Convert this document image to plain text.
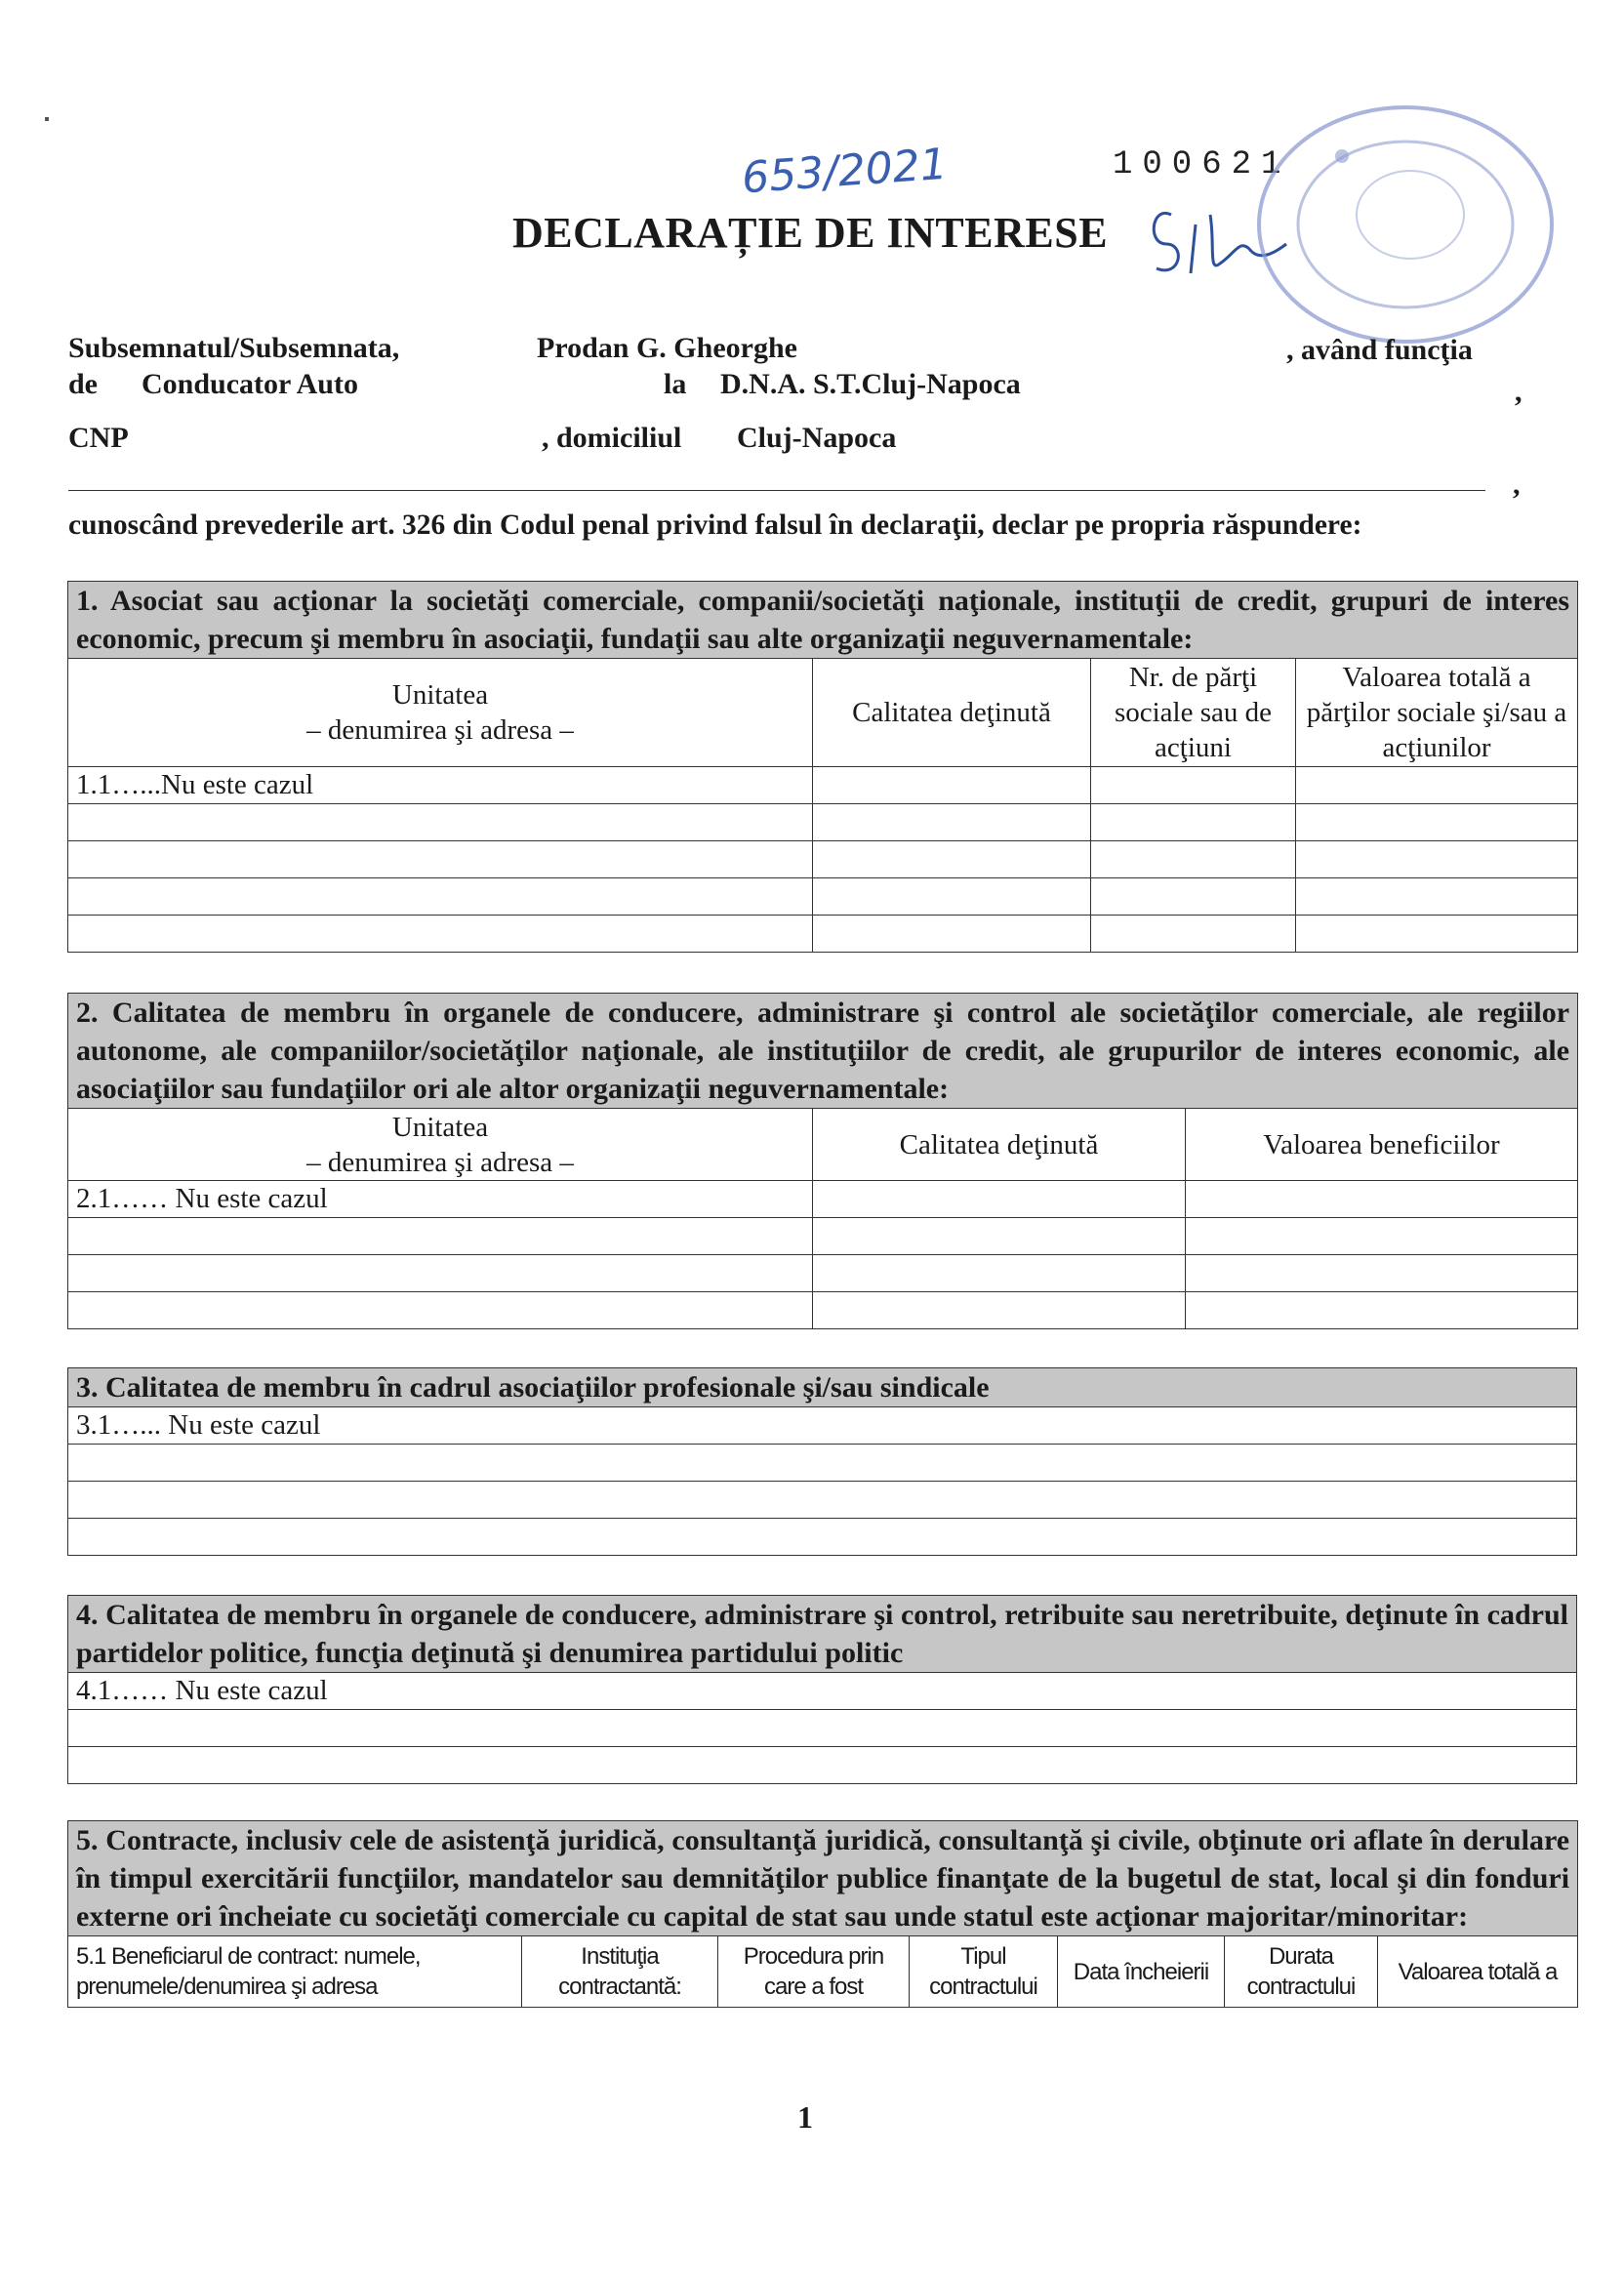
653/2021	100621
DECLARAȚIE DE INTERESE
Subsemnatul/Subsemnata,	Prodan G. Gheorghe	, având funcţia
de Conducator Auto	la D.N.A. S.T.Cluj-Napoca	,
CNP	, domiciliul Cluj-Napoca
,
cunoscând prevederile art. 326 din Codul penal privind falsul în declaraţii, declar pe propria răspundere:
1. Asociat sau acţionar la societăţi comerciale, companii/societăţi naţionale, instituţii de credit, grupuri de interes economic, precum şi membru în asociaţii, fundaţii sau alte organizaţii neguvernamentale:			

Unitatea
– denumirea şi adresa –	Calitatea deţinută	Nr. de părţi sociale sau de acţiuni	Valoarea totală a părţilor sociale şi/sau a acţiunilor
1.1…...Nu este cazul			

2. Calitatea de membru în organele de conducere, administrare şi control ale societăţilor comerciale, ale regiilor autonome, ale companiilor/societăţilor naţionale, ale instituţiilor de credit, ale grupurilor de interes economic, ale asociaţiilor sau fundaţiilor ori ale altor organizaţii neguvernamentale:		

Unitatea
– denumirea şi adresa –	Calitatea deţinută	Valoarea beneficiilor
2.1…… Nu este cazul		

3. Calitatea de membru în cadrul asociaţiilor profesionale şi/sau sindicale
3.1…... Nu este cazul

4. Calitatea de membru în organele de conducere, administrare şi control, retribuite sau neretribuite, deţinute în cadrul partidelor politice, funcţia deţinută şi denumirea partidului politic
4.1…… Nu este cazul

5. Contracte, inclusiv cele de asistenţă juridică, consultanţă juridică, consultanţă şi civile, obţinute ori aflate în derulare în timpul exercitării funcţiilor, mandatelor sau demnităţilor publice finanţate de la bugetul de stat, local şi din fonduri externe ori încheiate cu societăţi comerciale cu capital de stat sau unde statul este acţionar majoritar/minoritar:
5.1 Beneficiarul de contract: numele, prenumele/denumirea şi adresa	Instituţia contractantă:	Procedura prin care a fost	Tipul contractului	Data încheierii	Durata contractului	Valoarea totală a
1
